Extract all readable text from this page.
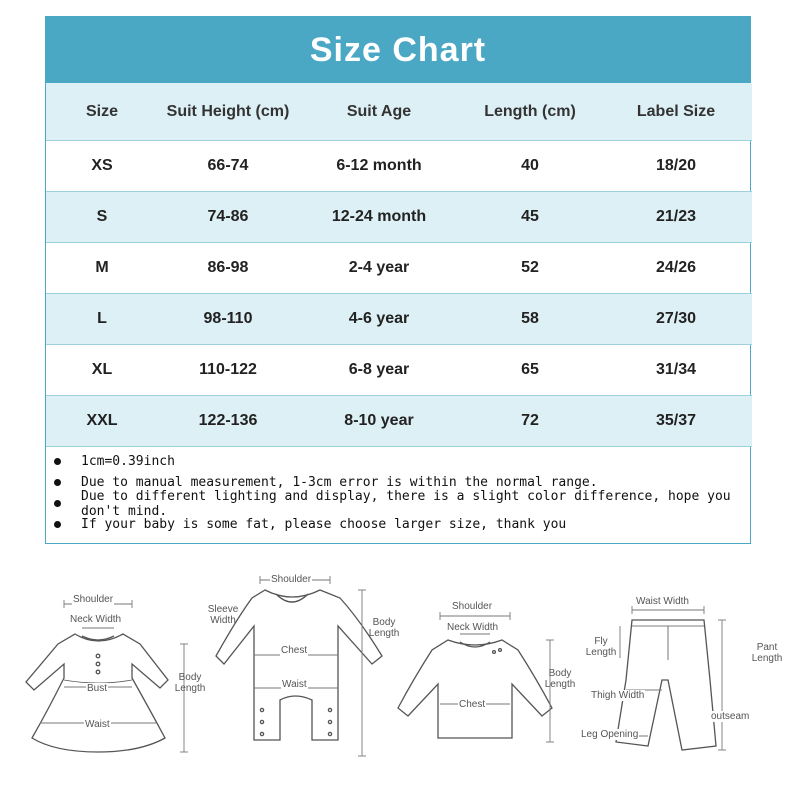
Size Chart
Size	Suit Height (cm)	Suit Age	Length (cm)	Label Size
XS	66-74	6-12 month	40	18/20
S	74-86	12-24 month	45	21/23
M	86-98	2-4 year	52	24/26
L	98-110	4-6 year	58	27/30
XL	110-122	6-8 year	65	31/34
XXL	122-136	8-10 year	72	35/37
1cm=0.39inch
Due to manual measurement, 1-3cm error is within the normal range.
Due to different lighting and display, there is a slight color difference, hope you don't mind.
If your baby is some fat, please choose larger size, thank you
Shoulder
Neck Width
Bust
Waist
Body Length
Shoulder
Sleeve Width
Chest
Waist
Body Length
Shoulder
Neck Width
Chest
Body Length
Waist Width
Fly Length	Pant Length
Thigh Width
outseam
Leg Opening
